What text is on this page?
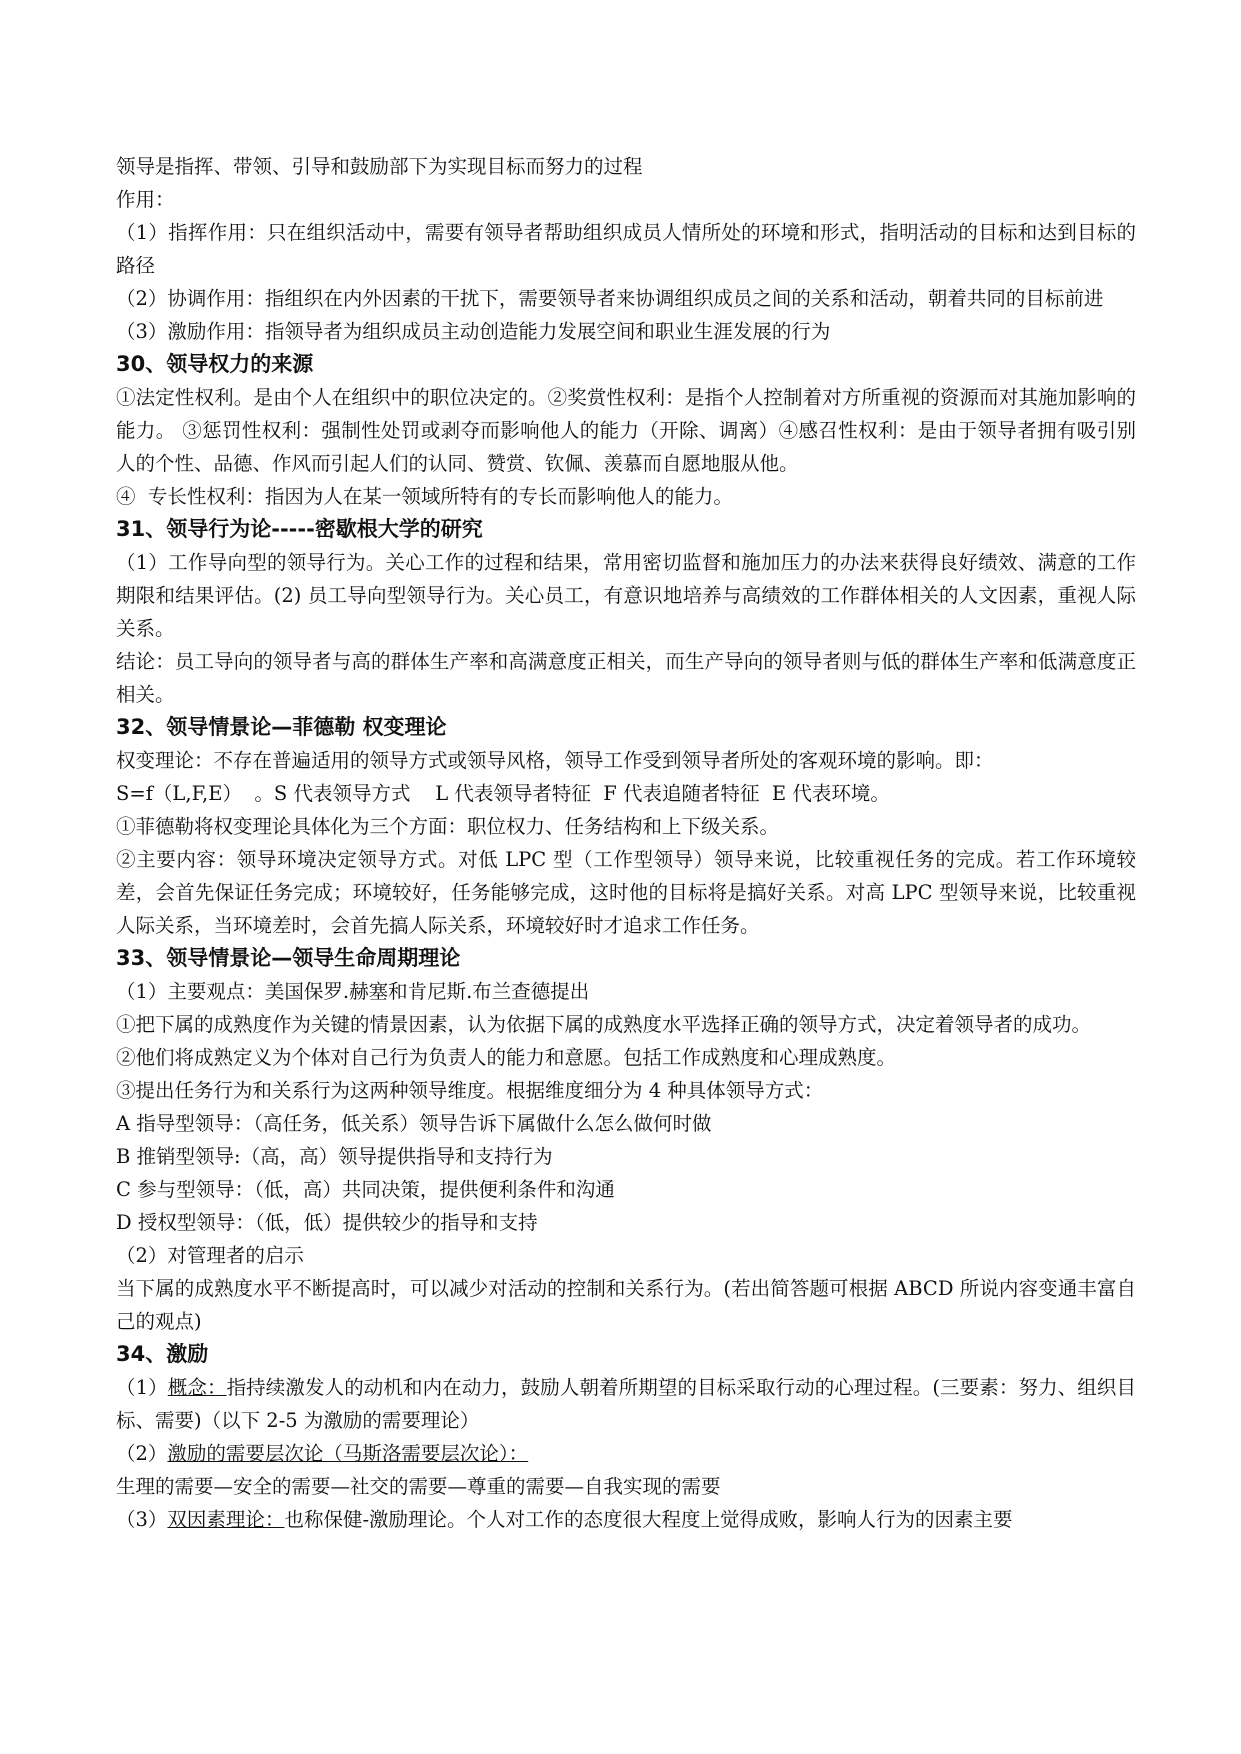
领导是指挥、带领、引导和鼓励部下为实现目标而努力的过程

作用：

（1）指挥作用：只在组织活动中，需要有领导者帮助组织成员人情所处的环境和形式，指明活动的目标和达到目标的路径

（2）协调作用：指组织在内外因素的干扰下，需要领导者来协调组织成员之间的关系和活动，朝着共同的目标前进

（3）激励作用：指领导者为组织成员主动创造能力发展空间和职业生涯发展的行为

30、领导权力的来源

①法定性权利。是由个人在组织中的职位决定的。②奖赏性权利：是指个人控制着对方所重视的资源而对其施加影响的能力。 ③惩罚性权利：强制性处罚或剥夺而影响他人的能力（开除、调离）④感召性权利：是由于领导者拥有吸引别人的个性、品德、作风而引起人们的认同、赞赏、钦佩、羡慕而自愿地服从他。

④  专长性权利：指因为人在某一领域所特有的专长而影响他人的能力。

31、领导行为论-----密歇根大学的研究

（1）工作导向型的领导行为。关心工作的过程和结果，常用密切监督和施加压力的办法来获得良好绩效、满意的工作期限和结果评估。(2) 员工导向型领导行为。关心员工，有意识地培养与高绩效的工作群体相关的人文因素，重视人际关系。

结论：员工导向的领导者与高的群体生产率和高满意度正相关，而生产导向的领导者则与低的群体生产率和低满意度正相关。

32、领导情景论—菲德勒 权变理论

权变理论：不存在普遍适用的领导方式或领导风格，领导工作受到领导者所处的客观环境的影响。即：

S=f（L,F,E）  。S 代表领导方式    L 代表领导者特征  F 代表追随者特征  E 代表环境。

①菲德勒将权变理论具体化为三个方面：职位权力、任务结构和上下级关系。

②主要内容：领导环境决定领导方式。对低 LPC 型（工作型领导）领导来说，比较重视任务的完成。若工作环境较差，会首先保证任务完成；环境较好，任务能够完成，这时他的目标将是搞好关系。对高 LPC 型领导来说，比较重视人际关系，当环境差时，会首先搞人际关系，环境较好时才追求工作任务。

33、领导情景论—领导生命周期理论

（1）主要观点：美国保罗.赫塞和肯尼斯.布兰查德提出

①把下属的成熟度作为关键的情景因素，认为依据下属的成熟度水平选择正确的领导方式，决定着领导者的成功。

②他们将成熟定义为个体对自己行为负责人的能力和意愿。包括工作成熟度和心理成熟度。

③提出任务行为和关系行为这两种领导维度。根据维度细分为 4 种具体领导方式：

A 指导型领导：（高任务，低关系）领导告诉下属做什么怎么做何时做

B 推销型领导:（高，高）领导提供指导和支持行为

C 参与型领导：（低，高）共同决策，提供便利条件和沟通

D 授权型领导：（低，低）提供较少的指导和支持

（2）对管理者的启示

当下属的成熟度水平不断提高时，可以减少对活动的控制和关系行为。(若出简答题可根据 ABCD 所说内容变通丰富自己的观点)

34、激励

（1）概念：指持续激发人的动机和内在动力，鼓励人朝着所期望的目标采取行动的心理过程。(三要素：努力、组织目标、需要)（以下 2-5 为激励的需要理论）

（2）激励的需要层次论（马斯洛需要层次论）：

生理的需要—安全的需要—社交的需要—尊重的需要—自我实现的需要

（3）双因素理论：也称保健-激励理论。个人对工作的态度很大程度上觉得成败，影响人行为的因素主要
